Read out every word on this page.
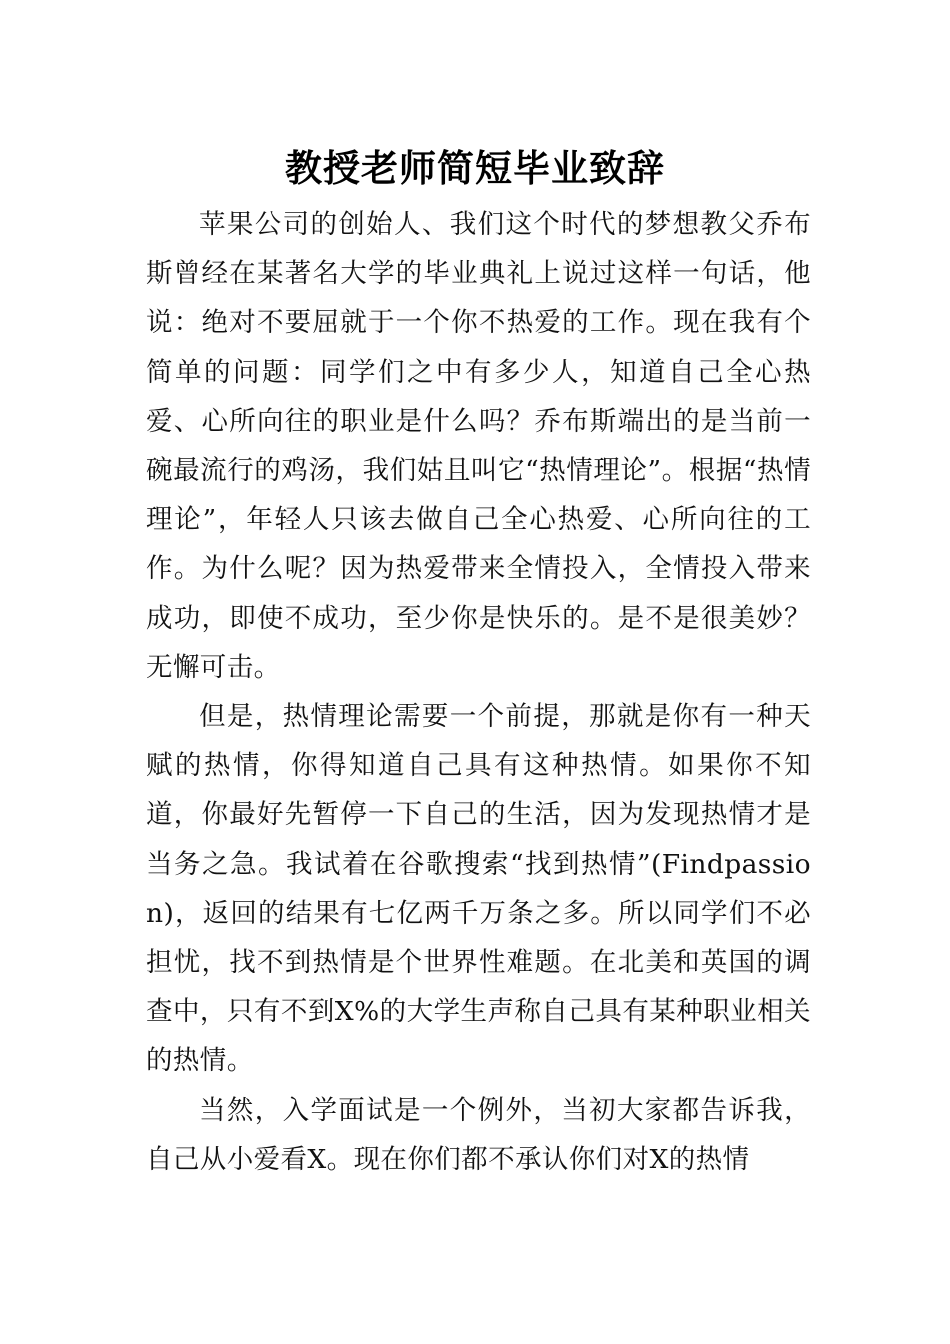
教授老师简短毕业致辞

苹果公司的创始人、我们这个时代的梦想教父乔布斯曾经在某著名大学的毕业典礼上说过这样一句话，他说：绝对不要屈就于一个你不热爱的工作。现在我有个简单的问题：同学们之中有多少人，知道自己全心热爱、心所向往的职业是什么吗？乔布斯端出的是当前一碗最流行的鸡汤，我们姑且叫它“热情理论”。根据“热情理论”，年轻人只该去做自己全心热爱、心所向往的工作。为什么呢？因为热爱带来全情投入，全情投入带来成功，即使不成功，至少你是快乐的。是不是很美妙？无懈可击。

但是，热情理论需要一个前提，那就是你有一种天赋的热情，你得知道自己具有这种热情。如果你不知道，你最好先暂停一下自己的生活，因为发现热情才是当务之急。我试着在谷歌搜索“找到热情”(Findpassion)，返回的结果有七亿两千万条之多。所以同学们不必担忧，找不到热情是个世界性难题。在北美和英国的调查中，只有不到X%的大学生声称自己具有某种职业相关的热情。

当然，入学面试是一个例外，当初大家都告诉我，自己从小爱看X。现在你们都不承认你们对X的热情
